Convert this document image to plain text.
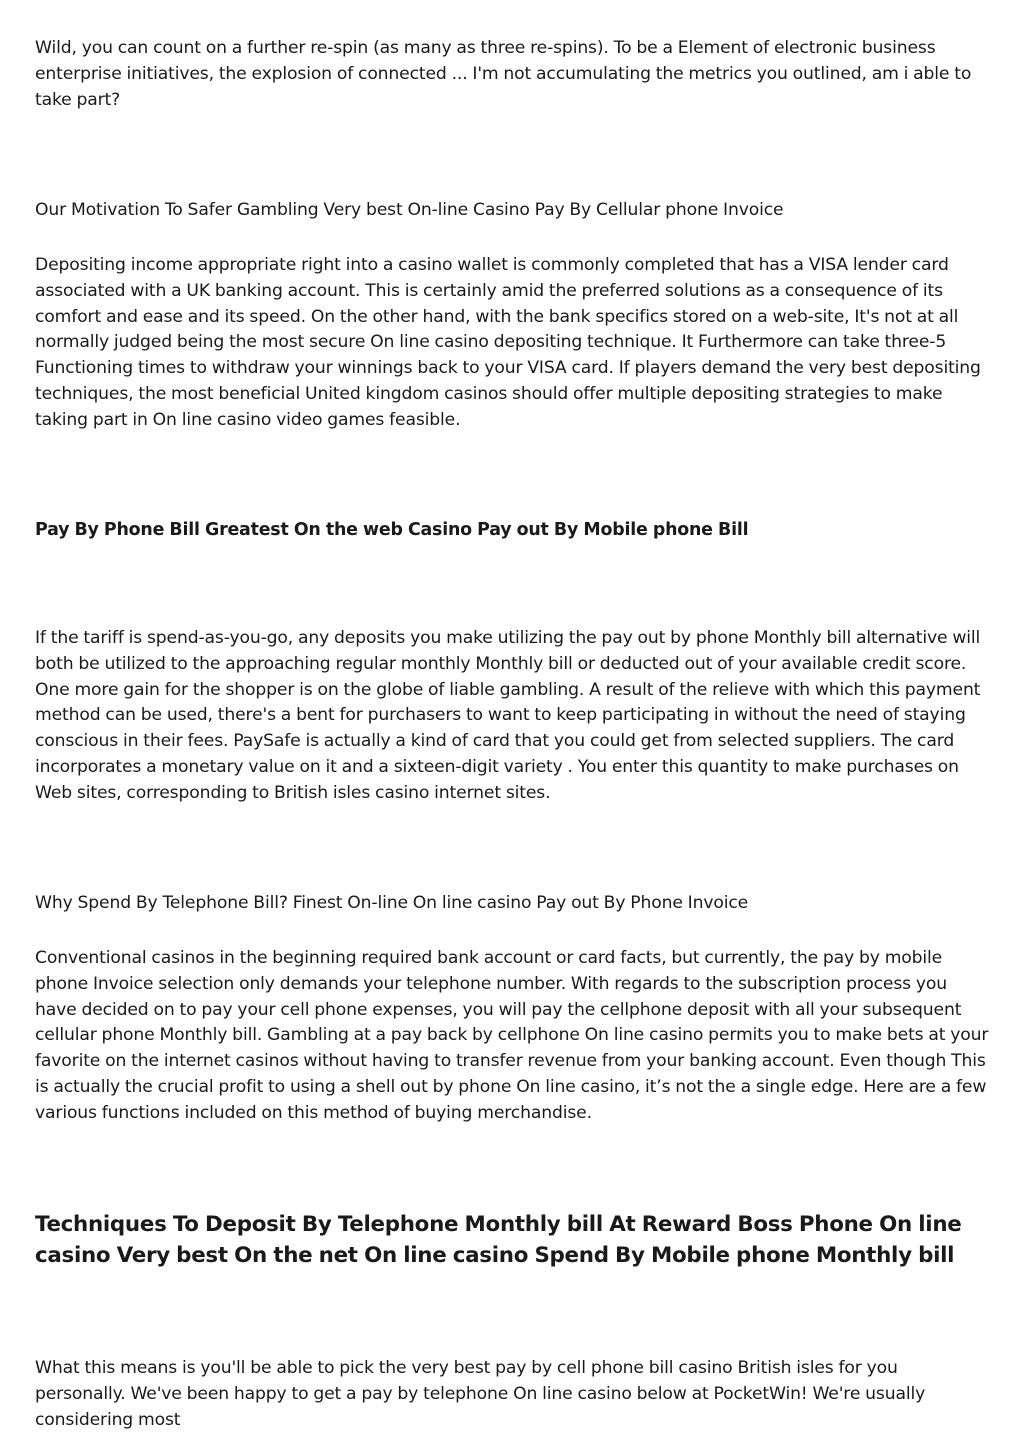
Wild, you can count on a further re-spin (as many as three re-spins). To be a Element of electronic business enterprise initiatives, the explosion of connected ... I'm not accumulating the metrics you outlined, am i able to take part?

Our Motivation To Safer Gambling Very best On-line Casino Pay By Cellular phone Invoice

Depositing income appropriate right into a casino wallet is commonly completed that has a VISA lender card associated with a UK banking account. This is certainly amid the preferred solutions as a consequence of its comfort and ease and its speed. On the other hand, with the bank specifics stored on a web-site, It's not at all normally judged being the most secure On line casino depositing technique. It Furthermore can take three-5 Functioning times to withdraw your winnings back to your VISA card. If players demand the very best depositing techniques, the most beneficial United kingdom casinos should offer multiple depositing strategies to make taking part in On line casino video games feasible.

Pay By Phone Bill Greatest On the web Casino Pay out By Mobile phone Bill

If the tariff is spend-as-you-go, any deposits you make utilizing the pay out by phone Monthly bill alternative will both be utilized to the approaching regular monthly Monthly bill or deducted out of your available credit score. One more gain for the shopper is on the globe of liable gambling. A result of the relieve with which this payment method can be used, there's a bent for purchasers to want to keep participating in without the need of staying conscious in their fees. PaySafe is actually a kind of card that you could get from selected suppliers. The card incorporates a monetary value on it and a sixteen-digit variety . You enter this quantity to make purchases on Web sites, corresponding to British isles casino internet sites.

Why Spend By Telephone Bill? Finest On-line On line casino Pay out By Phone Invoice

Conventional casinos in the beginning required bank account or card facts, but currently, the pay by mobile phone Invoice selection only demands your telephone number. With regards to the subscription process you have decided on to pay your cell phone expenses, you will pay the cellphone deposit with all your subsequent cellular phone Monthly bill. Gambling at a pay back by cellphone On line casino permits you to make bets at your favorite on the internet casinos without having to transfer revenue from your banking account. Even though This is actually the crucial profit to using a shell out by phone On line casino, it’s not the a single edge. Here are a few various functions included on this method of buying merchandise.

Techniques To Deposit By Telephone Monthly bill At Reward Boss Phone On line casino Very best On the net On line casino Spend By Mobile phone Monthly bill

What this means is you'll be able to pick the very best pay by cell phone bill casino British isles for you personally. We've been happy to get a pay by telephone On line casino below at PocketWin! We're usually considering most
